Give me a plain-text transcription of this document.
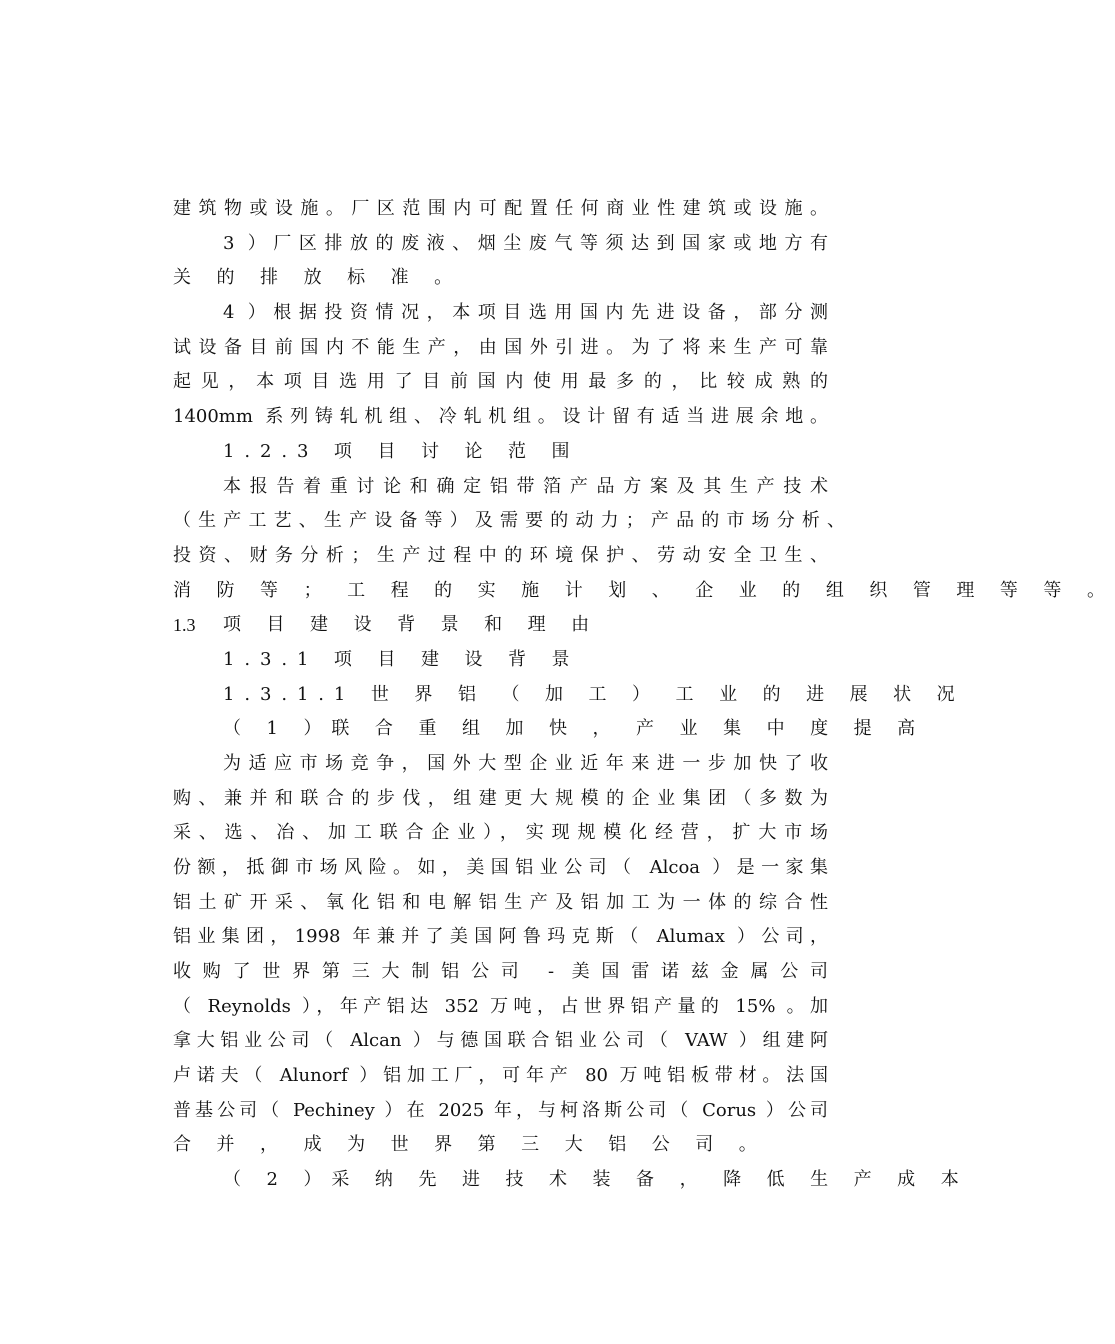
建 筑 物 或 设 施 。 厂 区 范 围 内 可 配 置 任 何 商 业 性 建 筑 或 设 施 。
3 ）厂区排放的废液、烟尘废气等须达到国家或地方有
关 的 排 放 标 准 。
4 ）根据投资情况，本项目选用国内先进设备，部分测
试设备目前国内不能生产，由国外引进。为了将来生产可靠
起见，本项目选用了目前国内使用最多的，比较成熟的
1400mm 系列铸轧机组、冷轧机组。设计留有适当进展余地。
1.2.3 项 目 讨 论 范 围
本报告着重讨论和确定铝带箔产品方案及其生产技术
（生产工艺、生产设备等）及需要的动力；产品的市场分析、
投资、财务分析；生产过程中的环境保护、劳动安全卫生、
消 防 等 ； 工 程 的 实 施 计 划 、 企 业 的 组 织 管 理 等 等 。
1.3 项 目 建 设 背 景 和 理 由
1.3.1 项 目 建 设 背 景
1.3.1.1 世 界 铝 （ 加 工 ） 工 业 的 进 展 状 况
（ 1 ）联 合 重 组 加 快 ， 产 业 集 中 度 提 高
为适应市场竞争，国外大型企业近年来进一步加快了收
购、兼并和联合的步伐，组建更大规模的企业集团（多数为
采、选、冶、加工联合企业），实现规模化经营，扩大市场
份额，抵御市场风险。如，美国铝业公司（ Alcoa ）是一家集
铝土矿开采、氧化铝和电解铝生产及铝加工为一体的综合性
铝业集团，1998 年兼并了美国阿鲁玛克斯（ Alumax ）公司，
收购了世界第三大制铝公司 - 美国雷诺兹金属公司
（ Reynolds ），年产铝达 352 万吨，占世界铝产量的 15% 。加
拿大铝业公司（ Alcan ）与德国联合铝业公司（ VAW ）组建阿
卢诺夫（ Alunorf ）铝加工厂，可年产 80 万吨铝板带材。法国
普基公司（ Pechiney ）在 2025 年，与柯洛斯公司（ Corus ）公司
合 并 ， 成 为 世 界 第 三 大 铝 公 司 。
（ 2 ）采 纳 先 进 技 术 装 备 ， 降 低 生 产 成 本
